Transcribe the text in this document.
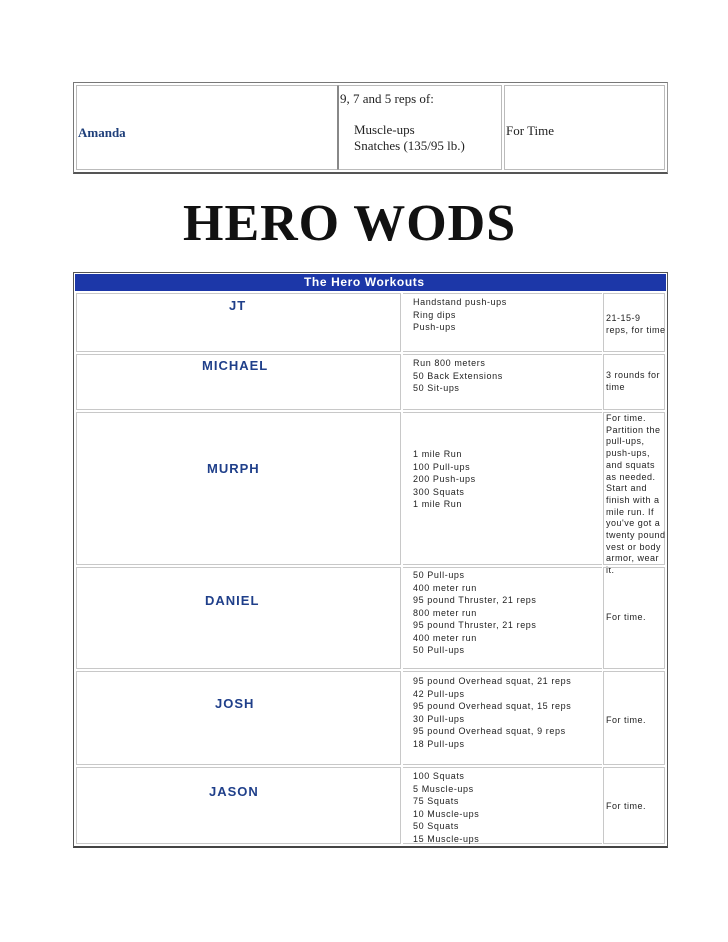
Amanda
9, 7 and 5 reps of:
Muscle-ups
Snatches (135/95 lb.)
For Time
HERO WODS
The Hero Workouts
JT	Handstand push-ups
Ring dips
Push-ups
21-15-9
reps, for time
MICHAEL	Run 800 meters
50 Back Extensions
50 Sit-ups
3 rounds for
time
MURPH
1 mile Run
100 Pull-ups
200 Push-ups
300 Squats
1 mile Run
For time.
Partition the
pull-ups,
push-ups,
and squats
as needed.
Start and
finish with a
mile run. If
you've got a
twenty pound
vest or body
armor, wear
it.
DANIEL
50 Pull-ups
400 meter run
95 pound Thruster, 21 reps
800 meter run
95 pound Thruster, 21 reps
400 meter run
50 Pull-ups
For time.
JOSH
95 pound Overhead squat, 21 reps
42 Pull-ups
95 pound Overhead squat, 15 reps
30 Pull-ups
95 pound Overhead squat, 9 reps
18 Pull-ups
For time.
JASON
100 Squats
5 Muscle-ups
75 Squats
10 Muscle-ups
50 Squats
15 Muscle-ups
For time.
